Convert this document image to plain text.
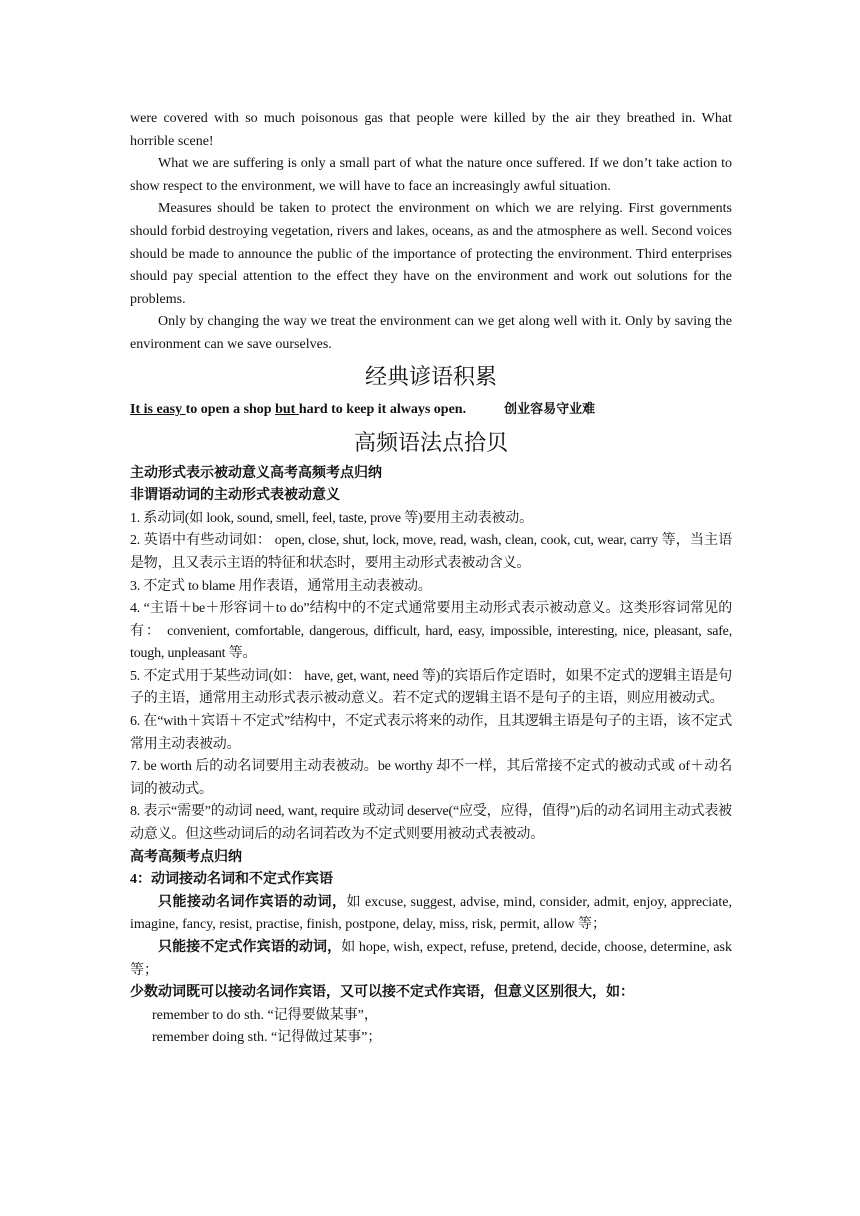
were covered with so much poisonous gas that people were killed by the air they breathed in. What horrible scene!

What we are suffering is only a small part of what the nature once suffered. If we don’t take action to show respect to the environment, we will have to face an increasingly awful situation.

Measures should be taken to protect the environment on which we are relying. First governments should forbid destroying vegetation, rivers and lakes, oceans, as and the atmosphere as well. Second voices should be made to announce the public of the importance of protecting the environment. Third enterprises should pay special attention to the effect they have on the environment and work out solutions for the problems.

Only by changing the way we treat the environment can we get along well with it. Only by saving the environment can we save ourselves.

经典谚语积累

It is easy to open a shop but hard to keep it always open.	创业容易守业难

高频语法点拾贝

主动形式表示被动意义高考高频考点归纳

非谓语动词的主动形式表被动意义

1. 系动词(如 look, sound, smell, feel, taste, prove 等)要用主动表被动。

2. 英语中有些动词如： open, close, shut, lock, move, read, wash, clean, cook, cut, wear, carry 等，当主语是物，且又表示主语的特征和状态时，要用主动形式表被动含义。

3. 不定式 to blame 用作表语，通常用主动表被动。

4. “主语＋be＋形容词＋to do”结构中的不定式通常要用主动形式表示被动意义。这类形容词常见的有： convenient, comfortable, dangerous, difficult, hard, easy, impossible, interesting, nice, pleasant, safe, tough, unpleasant 等。

5. 不定式用于某些动词(如： have, get, want, need 等)的宾语后作定语时，如果不定式的逻辑主语是句子的主语，通常用主动形式表示被动意义。若不定式的逻辑主语不是句子的主语，则应用被动式。

6. 在“with＋宾语＋不定式”结构中，不定式表示将来的动作，且其逻辑主语是句子的主语，该不定式常用主动表被动。

7. be worth 后的动名词要用主动表被动。be worthy 却不一样，其后常接不定式的被动式或 of＋动名词的被动式。

8. 表示“需要”的动词 need, want, require 或动词 deserve(“应受，应得，值得”)后的动名词用主动式表被动意义。但这些动词后的动名词若改为不定式则要用被动式表被动。

高考高频考点归纳

4：动词接动名词和不定式作宾语

只能接动名词作宾语的动词，如 excuse, suggest, advise, mind, consider, admit, enjoy, appreciate, imagine, fancy, resist, practise, finish, postpone, delay, miss, risk, permit, allow 等；

只能接不定式作宾语的动词，如 hope, wish, expect, refuse, pretend, decide, choose, determine, ask 等；

少数动词既可以接动名词作宾语，又可以接不定式作宾语，但意义区别很大，如：

remember to do sth. “记得要做某事”，

remember doing sth. “记得做过某事”；
